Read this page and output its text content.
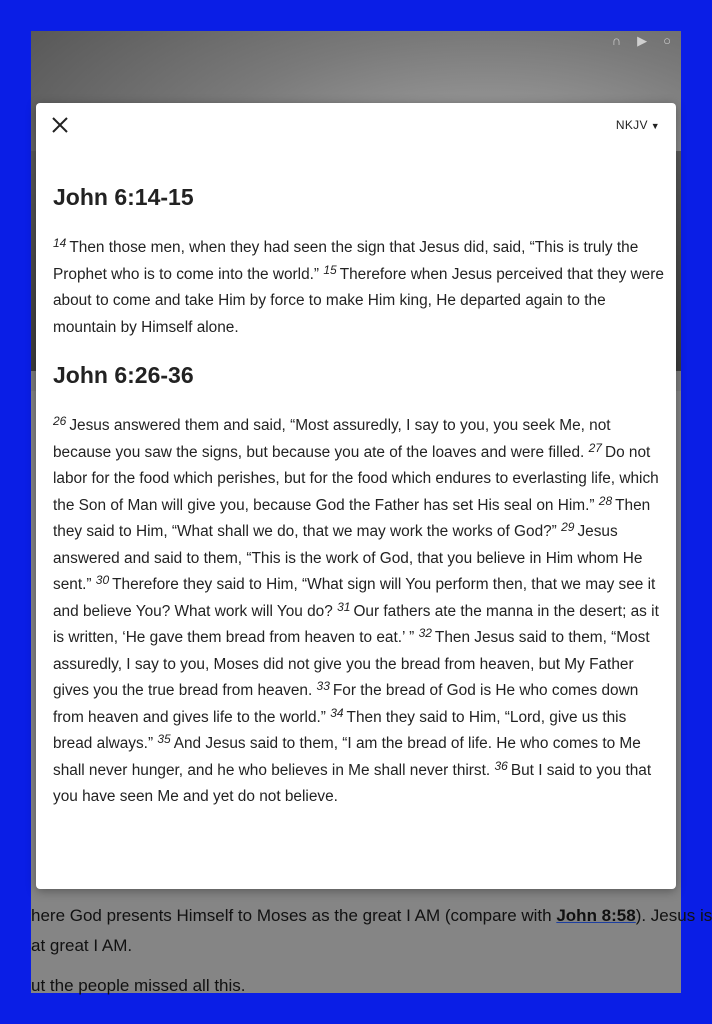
∩ ▶ ○
here God presents Himself to Moses as the great I AM (compare with John 8:58). Jesus is
at great I AM.
ut the people missed all this.
NKJV ▼
John 6:14-15

$^{14}$ Then those men, when they had seen the sign that Jesus did, said, “This is truly the Prophet who is to come into the world.” $^{15}$ Therefore when Jesus perceived that they were about to come and take Him by force to make Him king, He departed again to the mountain by Himself alone.

John 6:26-36

$^{26}$ Jesus answered them and said, “Most assuredly, I say to you, you seek Me, not because you saw the signs, but because you ate of the loaves and were filled. $^{27}$ Do not labor for the food which perishes, but for the food which endures to everlasting life, which the Son of Man will give you, because God the Father has set His seal on Him.” $^{28}$ Then they said to Him, “What shall we do, that we may work the works of God?” $^{29}$ Jesus answered and said to them, “This is the work of God, that you believe in Him whom He sent.” $^{30}$ Therefore they said to Him, “What sign will You perform then, that we may see it and believe You? What work will You do? $^{31}$ Our fathers ate the manna in the desert; as it is written, ‘He gave them bread from heaven to eat.’ ” $^{32}$ Then Jesus said to them, “Most assuredly, I say to you, Moses did not give you the bread from heaven, but My Father gives you the true bread from heaven. $^{33}$ For the bread of God is He who comes down from heaven and gives life to the world.” $^{34}$ Then they said to Him, “Lord, give us this bread always.” $^{35}$ And Jesus said to them, “I am the bread of life. He who comes to Me shall never hunger, and he who believes in Me shall never thirst. $^{36}$ But I said to you that you have seen Me and yet do not believe.
